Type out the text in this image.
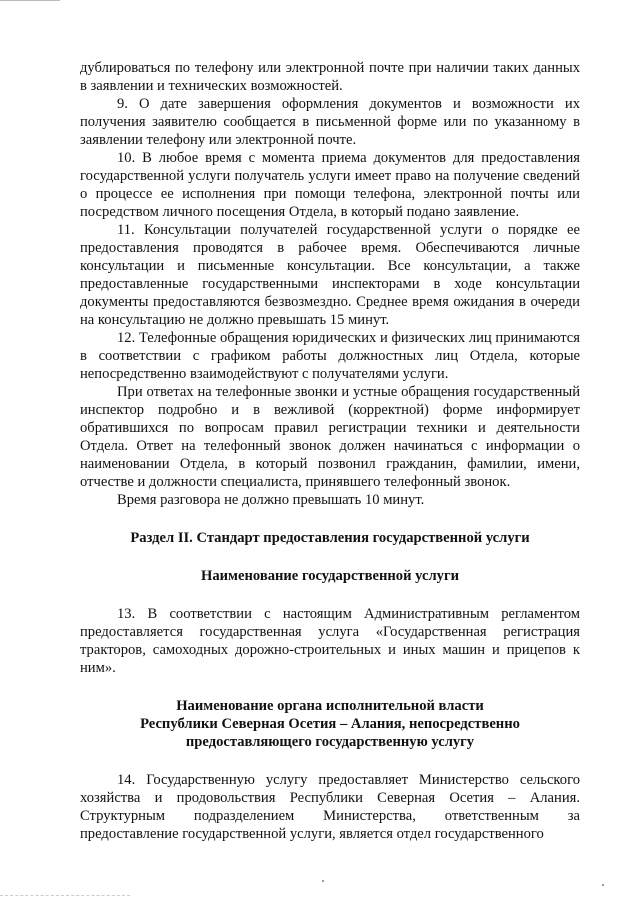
дублироваться по телефону или электронной почте при наличии таких данных в заявлении и технических возможностей.

9. О дате завершения оформления документов и возможности их получения заявителю сообщается в письменной форме или по указанному в заявлении телефону или электронной почте.

10. В любое время с момента приема документов для предоставления государственной услуги получатель услуги имеет право на получение сведений о процессе ее исполнения при помощи телефона, электронной почты или посредством личного посещения Отдела, в который подано заявление.

11. Консультации получателей государственной услуги о порядке ее предоставления проводятся в рабочее время. Обеспечиваются личные консультации и письменные консультации. Все консультации, а также предоставленные государственными инспекторами в ходе консультации документы предоставляются безвозмездно. Среднее время ожидания в очереди на консультацию не должно превышать 15 минут.

12. Телефонные обращения юридических и физических лиц принимаются в соответствии с графиком работы должностных лиц Отдела, которые непосредственно взаимодействуют с получателями услуги.

При ответах на телефонные звонки и устные обращения государственный инспектор подробно и в вежливой (корректной) форме информирует обратившихся по вопросам правил регистрации техники и деятельности Отдела. Ответ на телефонный звонок должен начинаться с информации о наименовании Отдела, в который позвонил гражданин, фамилии, имени, отчестве и должности специалиста, принявшего телефонный звонок.

Время разговора не должно превышать 10 минут.

Раздел II. Стандарт предоставления государственной услуги

Наименование государственной услуги

13. В соответствии с настоящим Административным регламентом предоставляется государственная услуга «Государственная регистрация тракторов, самоходных дорожно-строительных и иных машин и прицепов к ним».

Наименование органа исполнительной власти

Республики Северная Осетия – Алания, непосредственно

предоставляющего государственную услугу

14. Государственную услугу предоставляет Министерство сельского хозяйства и продовольствия Республики Северная Осетия – Алания. Структурным подразделением Министерства, ответственным за предоставление государственной услуги, является отдел государственного
